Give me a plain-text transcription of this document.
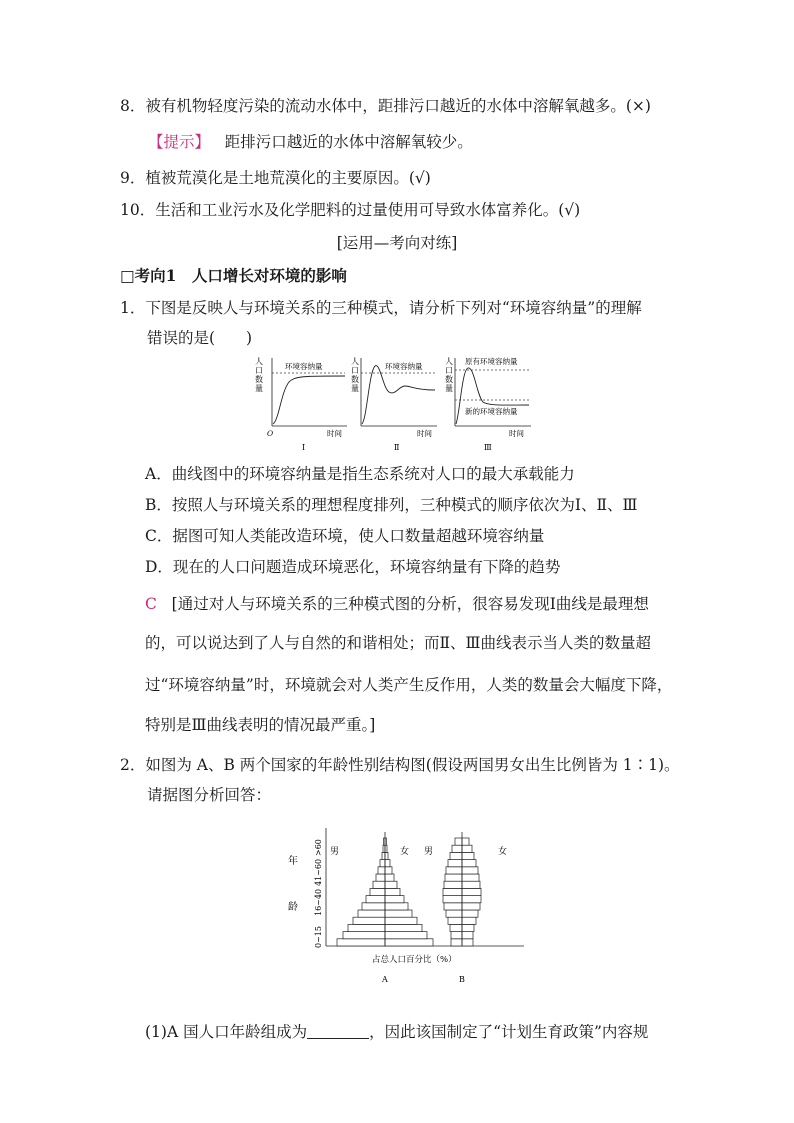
8．被有机物轻度污染的流动水体中，距排污口越近的水体中溶解氧越多。(×)
【提示】 距排污口越近的水体中溶解氧较少。
9．植被荒漠化是土地荒漠化的主要原因。(√)
10．生活和工业污水及化学肥料的过量使用可导致水体富养化。(√)
[运用—考向对练]
□考向1　人口增长对环境的影响
1．下图是反映人与环境关系的三种模式，请分析下列对“环境容纳量”的理解
错误的是(　　)
人
口
数
量
环境容纳量
O	时间
Ⅰ
人
口
数
量
环境容纳量
时间
Ⅱ
人
口
数
量
原有环境容纳量
新的环境容纳量
时间
Ⅲ
A．曲线图中的环境容纳量是指生态系统对人口的最大承载能力
B．按照人与环境关系的理想程度排列，三种模式的顺序依次为Ⅰ、Ⅱ、Ⅲ
C．据图可知人类能改造环境，使人口数量超越环境容纳量
D．现在的人口问题造成环境恶化，环境容纳量有下降的趋势
C [通过对人与环境关系的三种模式图的分析，很容易发现Ⅰ曲线是最理想
的，可以说达到了人与自然的和谐相处；而Ⅱ、Ⅲ曲线表示当人类的数量超
过“环境容纳量”时，环境就会对人类产生反作用，人类的数量会大幅度下降，
特别是Ⅲ曲线表明的情况最严重。]
2．如图为 A、B 两个国家的年龄性别结构图(假设两国男女出生比例皆为 1∶1)。
请据图分析回答：
年
龄
0~15
16~40
41~60
>60 男	女 男	女
占总人口百分比（%）
A	B
(1)A 国人口年龄组成为	，因此该国制定了“计划生育政策”内容规
